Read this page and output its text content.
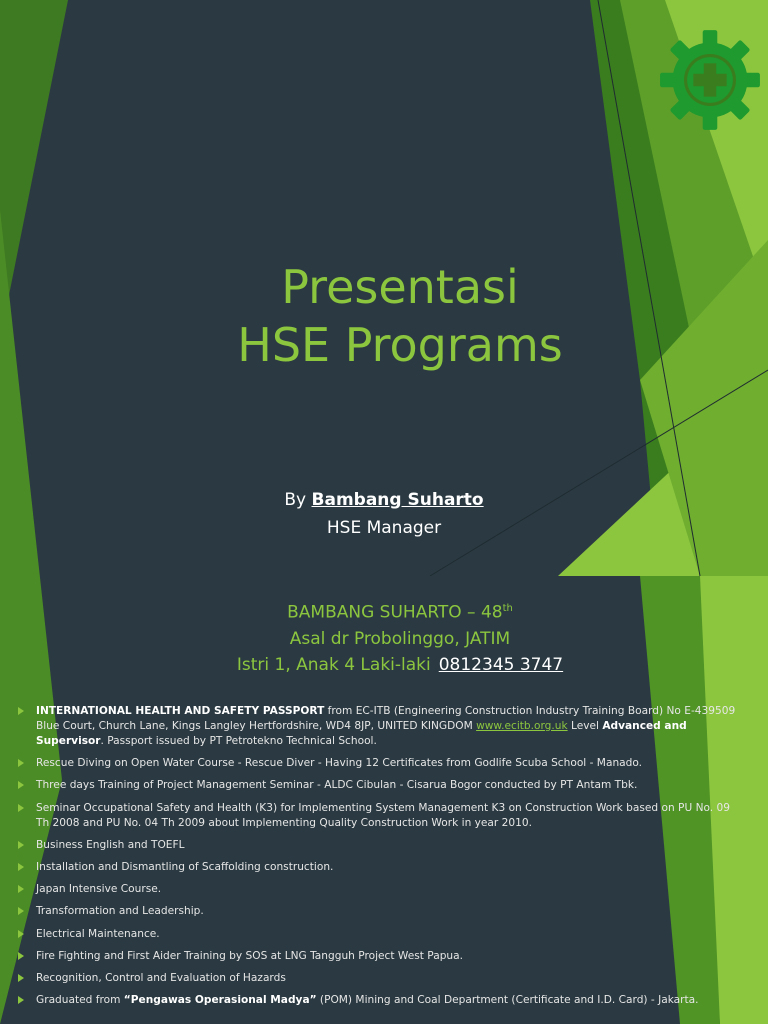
Presentasi
HSE Programs
By Bambang Suharto
HSE Manager
BAMBANG SUHARTO – 48th
Asal dr Probolinggo, JATIM
Istri 1, Anak 4 Laki-laki 0812345 3747
INTERNATIONAL HEALTH AND SAFETY PASSPORT from EC-ITB (Engineering Construction Industry Training Board) No E-439509 Blue Court, Church Lane, Kings Langley Hertfordshire, WD4 8JP, UNITED KINGDOM www.ecitb.org.uk Level Advanced and Supervisor. Passport issued by PT Petrotekno Technical School.
Rescue Diving on Open Water Course - Rescue Diver - Having 12 Certificates from Godlife Scuba School - Manado.
Three days Training of Project Management Seminar - ALDC Cibulan - Cisarua Bogor conducted by PT Antam Tbk.
Seminar Occupational Safety and Health (K3) for Implementing System Management K3 on Construction Work based on PU No. 09 Th 2008 and PU No. 04 Th 2009 about Implementing Quality Construction Work in year 2010.
Business English and TOEFL
Installation and Dismantling of Scaffolding construction.
Japan Intensive Course.
Transformation and Leadership.
Electrical Maintenance.
Fire Fighting and First Aider Training by SOS at LNG Tangguh Project West Papua.
Recognition, Control and Evaluation of Hazards
Graduated from “Pengawas Operasional Madya” (POM) Mining and Coal Department (Certificate and I.D. Card) - Jakarta.
